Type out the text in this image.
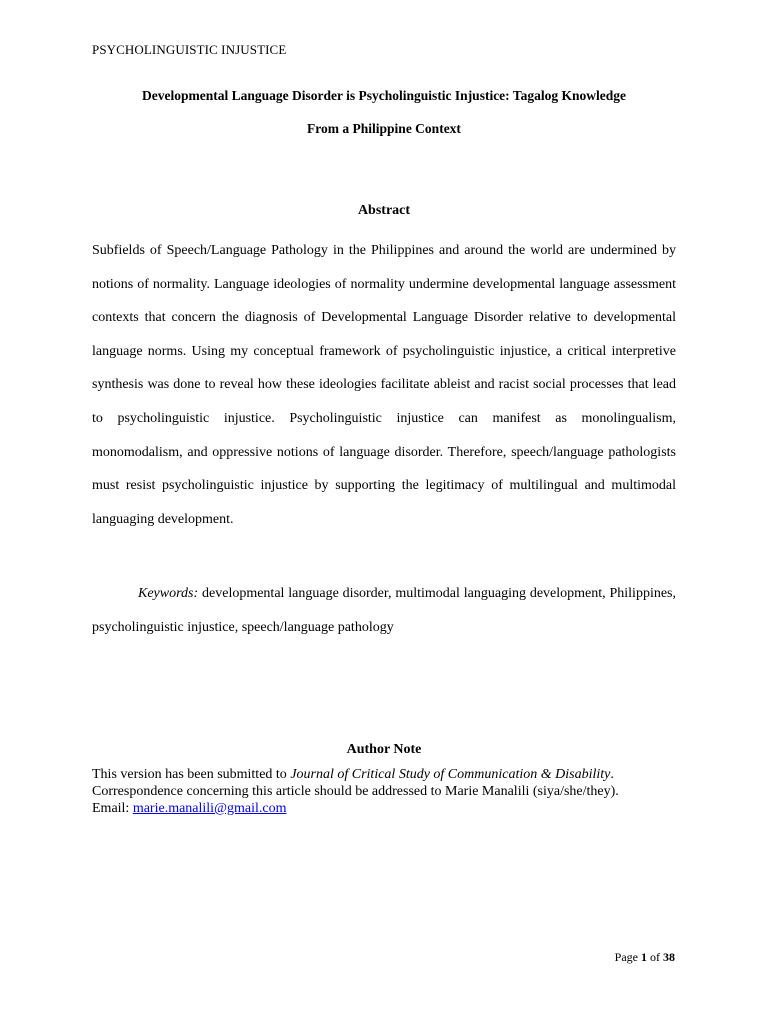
PSYCHOLINGUISTIC INJUSTICE
Developmental Language Disorder is Psycholinguistic Injustice: Tagalog Knowledge
From a Philippine Context
Abstract

Subfields of Speech/Language Pathology in the Philippines and around the world are undermined by notions of normality. Language ideologies of normality undermine developmental language assessment contexts that concern the diagnosis of Developmental Language Disorder relative to developmental language norms. Using my conceptual framework of psycholinguistic injustice, a critical interpretive synthesis was done to reveal how these ideologies facilitate ableist and racist social processes that lead to psycholinguistic injustice. Psycholinguistic injustice can manifest as monolingualism, monomodalism, and oppressive notions of language disorder. Therefore, speech/language pathologists must resist psycholinguistic injustice by supporting the legitimacy of multilingual and multimodal languaging development.

Keywords: developmental language disorder, multimodal languaging development, Philippines, psycholinguistic injustice, speech/language pathology

Author Note
This version has been submitted to Journal of Critical Study of Communication & Disability.
Correspondence concerning this article should be addressed to Marie Manalili (siya/she/they).
Email: marie.manalili@gmail.com
Page 1 of 38
